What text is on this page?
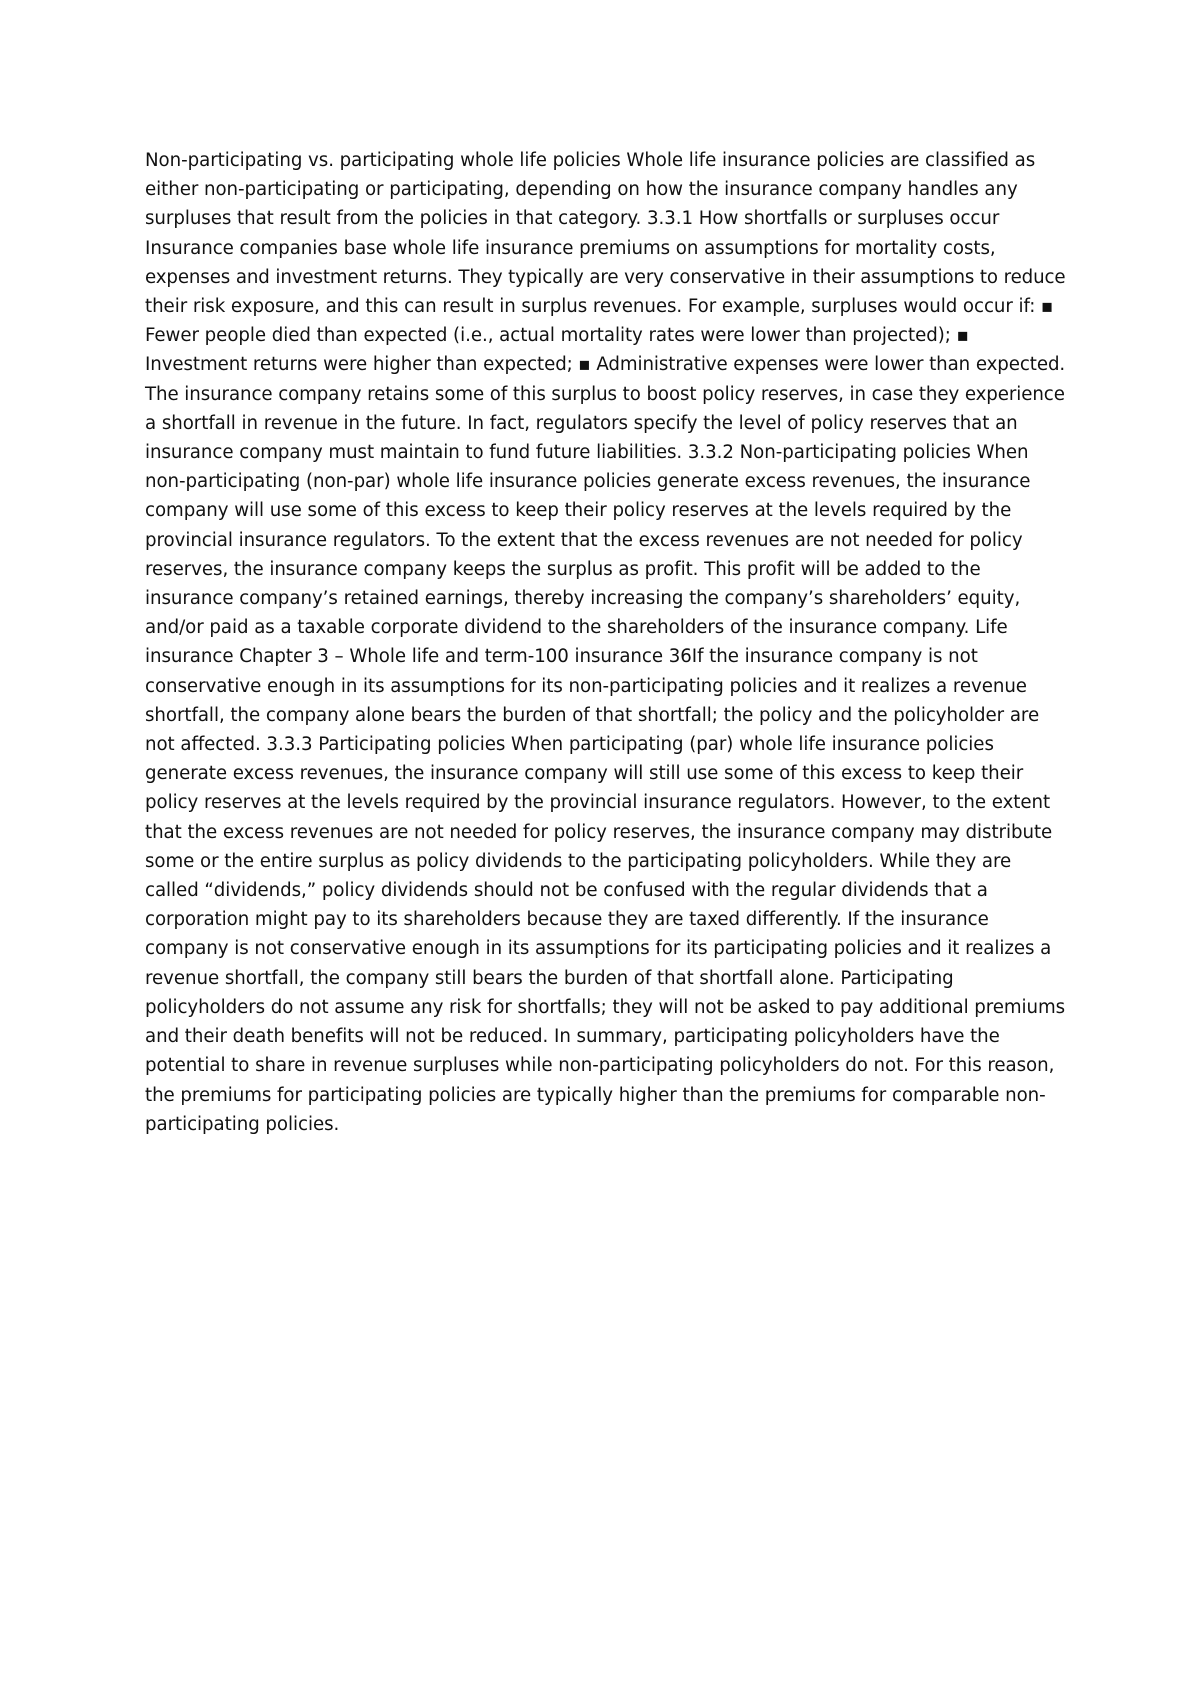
Non-participating vs. participating whole life policies Whole life insurance policies are classified as
either non-participating or participating, depending on how the insurance company handles any
surpluses that result from the policies in that category. 3.3.1 How shortfalls or surpluses occur
Insurance companies base whole life insurance premiums on assumptions for mortality costs,
expenses and investment returns. They typically are very conservative in their assumptions to reduce
their risk exposure, and this can result in surplus revenues. For example, surpluses would occur if: ▪
Fewer people died than expected (i.e., actual mortality rates were lower than projected); ▪
Investment returns were higher than expected; ▪ Administrative expenses were lower than expected.
The insurance company retains some of this surplus to boost policy reserves, in case they experience
a shortfall in revenue in the future. In fact, regulators specify the level of policy reserves that an
insurance company must maintain to fund future liabilities. 3.3.2 Non-participating policies When
non-participating (non-par) whole life insurance policies generate excess revenues, the insurance
company will use some of this excess to keep their policy reserves at the levels required by the
provincial insurance regulators. To the extent that the excess revenues are not needed for policy
reserves, the insurance company keeps the surplus as profit. This profit will be added to the
insurance company’s retained earnings, thereby increasing the company’s shareholders’ equity,
and/or paid as a taxable corporate dividend to the shareholders of the insurance company. Life
insurance Chapter 3 – Whole life and term-100 insurance 36If the insurance company is not
conservative enough in its assumptions for its non-participating policies and it realizes a revenue
shortfall, the company alone bears the burden of that shortfall; the policy and the policyholder are
not affected. 3.3.3 Participating policies When participating (par) whole life insurance policies
generate excess revenues, the insurance company will still use some of this excess to keep their
policy reserves at the levels required by the provincial insurance regulators. However, to the extent
that the excess revenues are not needed for policy reserves, the insurance company may distribute
some or the entire surplus as policy dividends to the participating policyholders. While they are
called “dividends,” policy dividends should not be confused with the regular dividends that a
corporation might pay to its shareholders because they are taxed differently. If the insurance
company is not conservative enough in its assumptions for its participating policies and it realizes a
revenue shortfall, the company still bears the burden of that shortfall alone. Participating
policyholders do not assume any risk for shortfalls; they will not be asked to pay additional premiums
and their death benefits will not be reduced. In summary, participating policyholders have the
potential to share in revenue surpluses while non-participating policyholders do not. For this reason,
the premiums for participating policies are typically higher than the premiums for comparable non-
participating policies.
